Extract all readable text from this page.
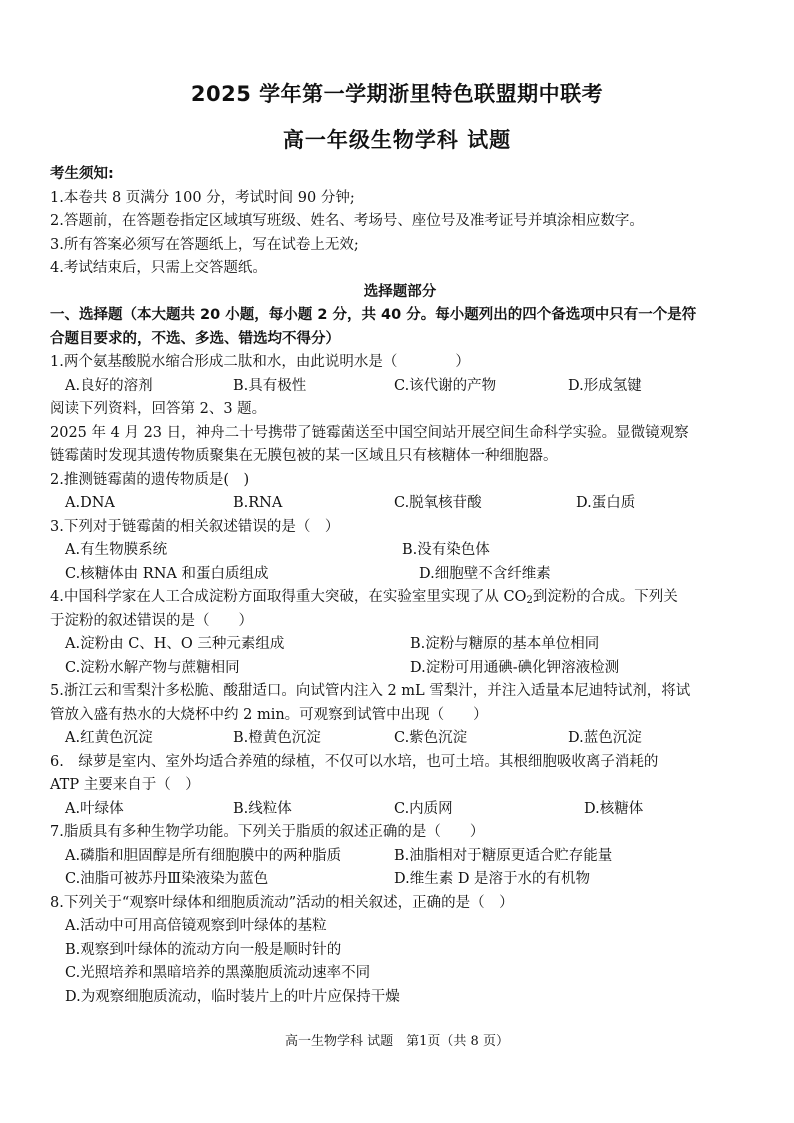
2025 学年第一学期浙里特色联盟期中联考
高一年级生物学科 试题
考生须知:
1.本卷共 8 页满分 100 分，考试时间 90 分钟;
2.答题前，在答题卷指定区域填写班级、姓名、考场号、座位号及准考证号并填涂相应数字。
3.所有答案必须写在答题纸上，写在试卷上无效;
4.考试结束后，只需上交答题纸。
选择题部分
一、选择题（本大题共 20 小题，每小题 2 分，共 40 分。每小题列出的四个备选项中只有一个是符
合题目要求的，不选、多选、错选均不得分）
1.两个氨基酸脱水缩合形成二肽和水，由此说明水是（　　　　）
A.良好的溶剂	B.具有极性	C.该代谢的产物	D.形成氢键
阅读下列资料，回答第 2、3 题。
2025 年 4 月 23 日，神舟二十号携带了链霉菌送至中国空间站开展空间生命科学实验。显微镜观察
链霉菌时发现其遗传物质聚集在无膜包被的某一区域且只有核糖体一种细胞器。
2.推测链霉菌的遗传物质是(　)
A.DNA	B.RNA	C.脱氧核苷酸	D.蛋白质
3.下列对于链霉菌的相关叙述错误的是（　）
A.有生物膜系统	B.没有染色体
C.核糖体由 RNA 和蛋白质组成	D.细胞壁不含纤维素
4.中国科学家在人工合成淀粉方面取得重大突破，在实验室里实现了从 $CO_2$到淀粉的合成。下列关
于淀粉的叙述错误的是（　　）
A.淀粉由 C、H、O 三种元素组成	B.淀粉与糖原的基本单位相同
C.淀粉水解产物与蔗糖相同	D.淀粉可用通碘-碘化钾溶液检测
5.浙江云和雪梨汁多松脆、酸甜适口。向试管内注入 2 mL 雪梨汁，并注入适量本尼迪特试剂，将试
管放入盛有热水的大烧杯中约 2 min。可观察到试管中出现（　　）
A.红黄色沉淀	B.橙黄色沉淀	C.紫色沉淀	D.蓝色沉淀
6.　绿萝是室内、室外均适合养殖的绿植，不仅可以水培，也可土培。其根细胞吸收离子消耗的
ATP 主要来自于（　）
A.叶绿体	B.线粒体	C.内质网	D.核糖体
7.脂质具有多种生物学功能。下列关于脂质的叙述正确的是（　　）
A.磷脂和胆固醇是所有细胞膜中的两种脂质	B.油脂相对于糖原更适合贮存能量
C.油脂可被苏丹Ⅲ染液染为蓝色	D.维生素 D 是溶于水的有机物
8.下列关于“观察叶绿体和细胞质流动”活动的相关叙述，正确的是（　）
A.活动中可用高倍镜观察到叶绿体的基粒
B.观察到叶绿体的流动方向一般是顺时针的
C.光照培养和黑暗培养的黑藻胞质流动速率不同
D.为观察细胞质流动，临时装片上的叶片应保持干燥
高一生物学科 试题　第1页（共 8 页）
